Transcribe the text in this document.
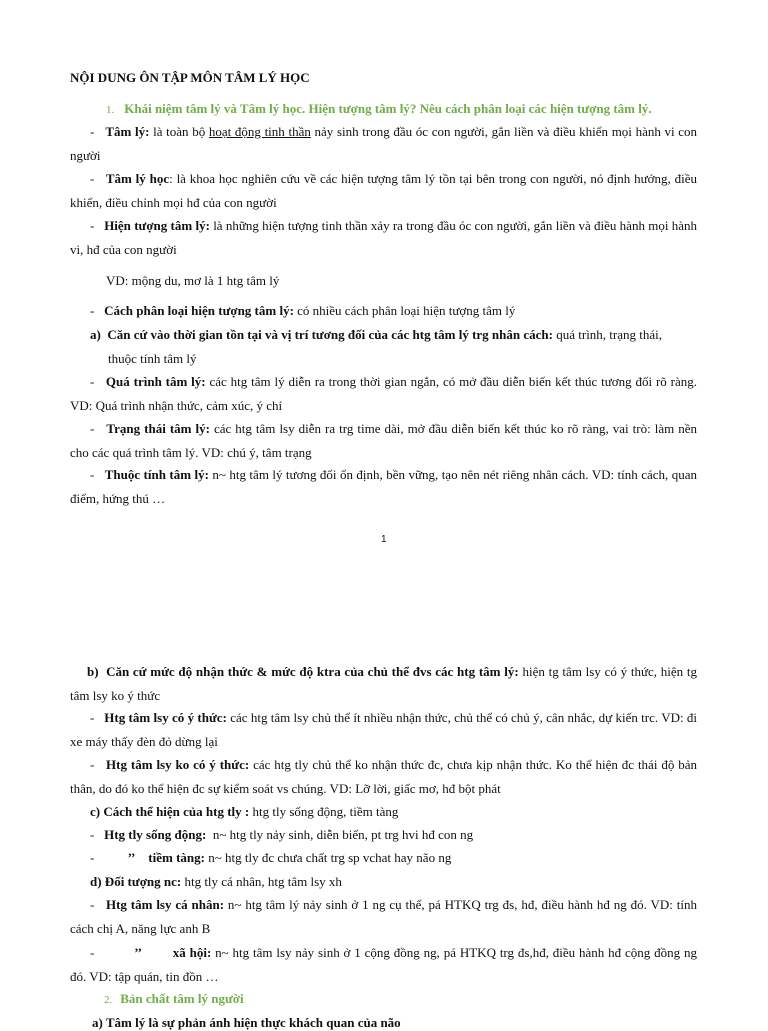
NỘI DUNG ÔN TẬP MÔN TÂM LÝ HỌC
1. Khái niệm tâm lý và Tâm lý học. Hiện tượng tâm lý? Nêu cách phân loại các hiện tượng tâm lý.
- Tâm lý: là toàn bộ hoạt động tinh thần nảy sinh trong đầu óc con người, gắn liền và điều khiển mọi hành vi con người
- Tâm lý học: là khoa học nghiên cứu về các hiện tượng tâm lý tồn tại bên trong con người, nó định hướng, điều khiển, điều chỉnh mọi hđ của con người
- Hiện tượng tâm lý: là những hiện tượng tinh thần xảy ra trong đầu óc con người, gắn liền và điều hành mọi hành vi, hđ của con người
VD: mộng du, mơ là 1 htg tâm lý
- Cách phân loại hiện tượng tâm lý: có nhiều cách phân loại hiện tượng tâm lý
a) Căn cứ vào thời gian tồn tại và vị trí tương đối của các htg tâm lý trg nhân cách: quá trình, trạng thái,
thuộc tính tâm lý
- Quá trình tâm lý: các htg tâm lý diễn ra trong thời gian ngắn, có mở đầu diễn biến kết thúc tương đối rõ ràng. VD: Quá trình nhận thức, cảm xúc, ý chí
- Trạng thái tâm lý: các htg tâm lsy diễn ra trg time dài, mở đầu diễn biến kết thúc ko rõ ràng, vai trò: làm nền cho các quá trình tâm lý. VD: chú ý, tâm trạng
- Thuộc tính tâm lý: n~ htg tâm lý tương đối ổn định, bền vững, tạo nên nét riêng nhân cách. VD: tính cách, quan điểm, hứng thú …
1
b) Căn cứ mức độ nhận thức & mức độ ktra của chủ thể đvs các htg tâm lý: hiện tg tâm lsy có ý thức, hiện tg tâm lsy ko ý thức
- Htg tâm lsy có ý thức: các htg tâm lsy chủ thể ít nhiều nhận thức, chủ thể có chủ ý, cân nhắc, dự kiến trc. VD: đi xe máy thấy đèn đỏ dừng lại
- Htg tâm lsy ko có ý thức: các htg tly chủ thể ko nhận thức đc, chưa kịp nhận thức. Ko thể hiện đc thái độ bản thân, do đó ko thể hiện đc sự kiểm soát vs chúng. VD: Lỡ lời, giấc mơ, hđ bột phát
c) Cách thể hiện của htg tly : htg tly sống động, tiềm tàng
- Htg tly sống động: n~ htg tly nảy sinh, diễn biến, pt trg hvi hđ con ng
-	’’ tiềm tàng: n~ htg tly đc chưa chất trg sp vchat hay não ng
d) Đối tượng nc: htg tly cá nhân, htg tâm lsy xh
- Htg tâm lsy cá nhân: n~ htg tâm lý nảy sinh ở 1 ng cụ thể, pá HTKQ trg đs, hđ, điều hành hđ ng đó. VD: tính cách chị A, năng lực anh B
-	’’ xã hội: n~ htg tâm lsy nảy sinh ở 1 cộng đồng ng, pá HTKQ trg đs,hđ, điều hành hđ cộng đồng ng đó. VD: tập quán, tin đồn …
2. Bản chất tâm lý người
a) Tâm lý là sự phản ánh hiện thực khách quan của não
